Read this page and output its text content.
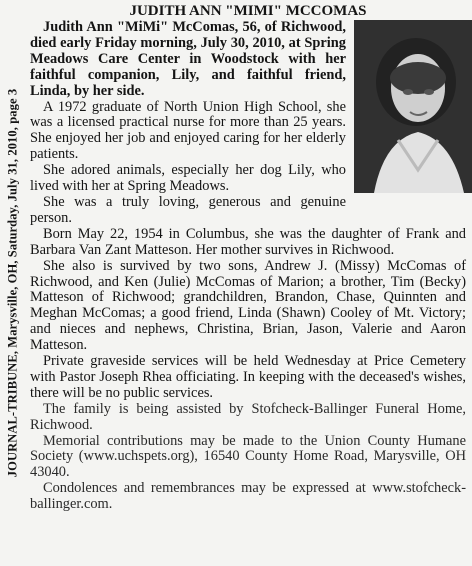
JOURNAL-TRIBUNE, Marysville, OH, Saturday, July 31, 2010, page 3
JUDITH ANN "MIMI" MCCOMAS

Judith Ann "MiMi" McComas, 56, of Richwood, died early Friday morning, July 30, 2010, at Spring Meadows Care Center in Woodstock with her faithful companion, Lily, and faithful friend, Linda, by her side.

A 1972 graduate of North Union High School, she was a licensed practical nurse for more than 25 years. She enjoyed her job and enjoyed caring for her elderly patients.

She adored animals, especially her dog Lily, who lived with her at Spring Meadows.

She was a truly loving, generous and genuine person.

Born May 22, 1954 in Columbus, she was the daughter of Frank and Barbara Van Zant Matteson. Her mother survives in Richwood.

She also is survived by two sons, Andrew J. (Missy) McComas of Richwood, and Ken (Julie) McComas of Marion; a brother, Tim (Becky) Matteson of Richwood; grandchildren, Brandon, Chase, Quinnten and Meghan McComas; a good friend, Linda (Shawn) Cooley of Mt. Victory; and nieces and nephews, Christina, Brian, Jason, Valerie and Aaron Matteson.

Private graveside services will be held Wednesday at Price Cemetery with Pastor Joseph Rhea officiating. In keeping with the deceased's wishes, there will be no public services.

The family is being assisted by Stofcheck-Ballinger Funeral Home, Richwood.

Memorial contributions may be made to the Union County Humane Society (www.uchspets.org), 16540 County Home Road, Marysville, OH 43040.

Condolences and remembrances may be expressed at www.stofcheck-ballinger.com.
